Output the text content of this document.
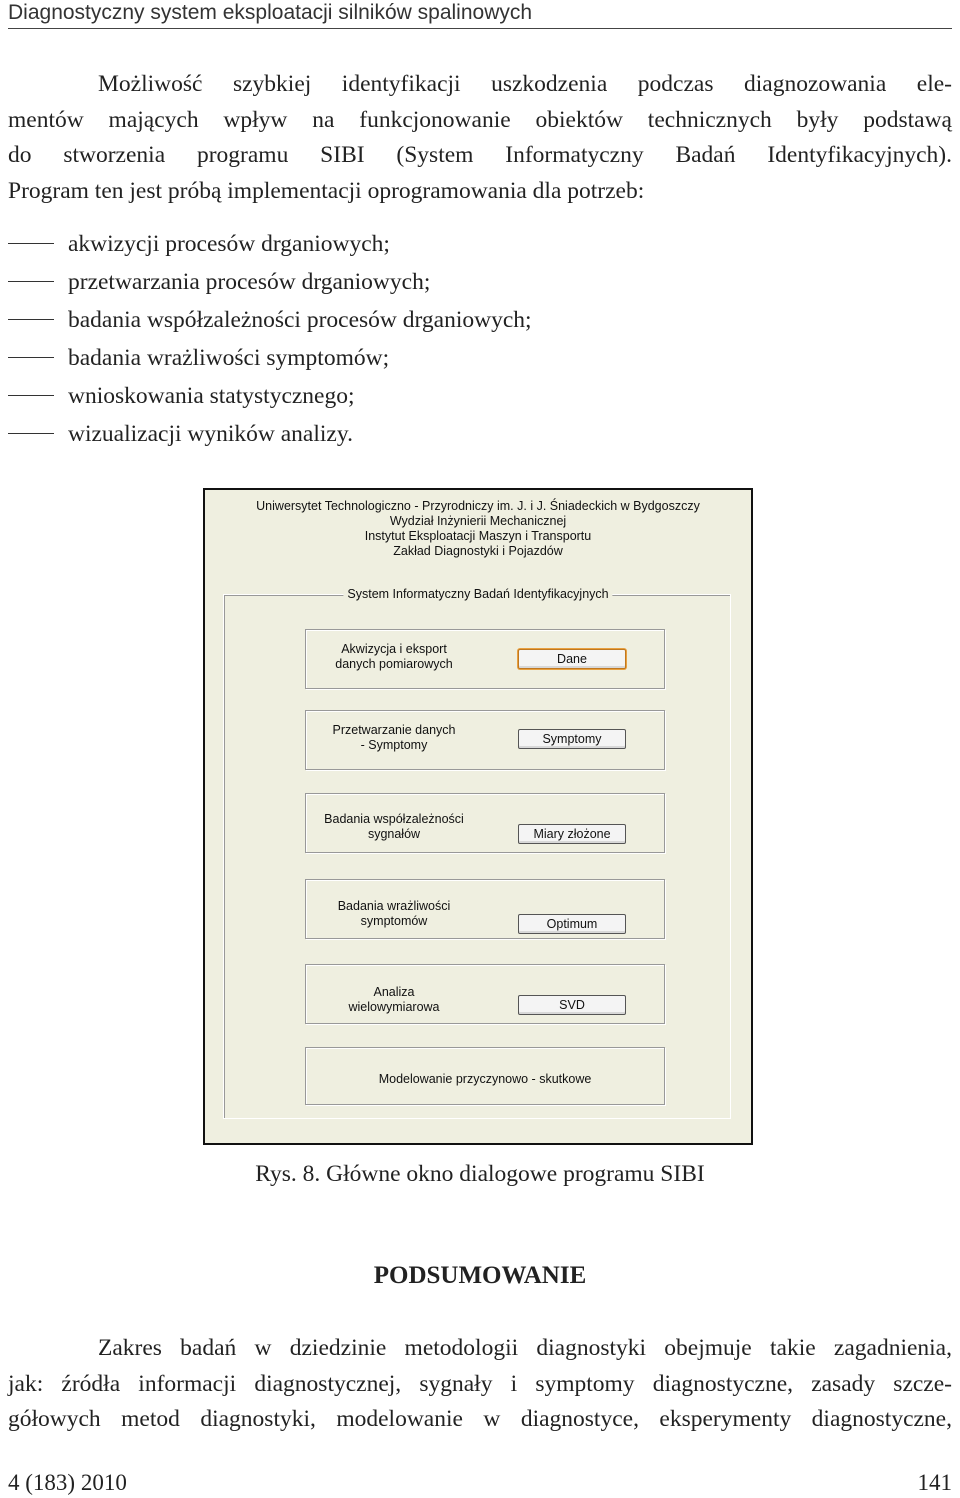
Diagnostyczny system eksploatacji silników spalinowych
Możliwość szybkiej identyfikacji uszkodzenia podczas diagnozowania ele-
mentów mających wpływ na funkcjonowanie obiektów technicznych były podstawą
do stworzenia programu SIBI (System Informatyczny Badań Identyfikacyjnych).
Program ten jest próbą implementacji oprogramowania dla potrzeb:
akwizycji procesów drganiowych;
przetwarzania procesów drganiowych;
badania współzależności procesów drganiowych;
badania wrażliwości symptomów;
wnioskowania statystycznego;
wizualizacji wyników analizy.
Uniwersytet Technologiczno - Przyrodniczy im. J. i J. Śniadeckich w Bydgoszczy
Wydział Inżynierii Mechanicznej
Instytut Eksploatacji Maszyn i Transportu
Zakład Diagnostyki i Pojazdów
System Informatyczny Badań Identyfikacyjnych
Akwizycja i eksport
danych pomiarowych	Dane
Przetwarzanie danych
- Symptomy	Symptomy
Badania współzależności
sygnałów	Miary złożone
Badania wrażliwości
symptomów	Optimum
Analiza
wielowymiarowa	SVD
Modelowanie przyczynowo - skutkowe
Rys. 8. Główne okno dialogowe programu SIBI
PODSUMOWANIE
Zakres badań w dziedzinie metodologii diagnostyki obejmuje takie zagadnienia,
jak: źródła informacji diagnostycznej, sygnały i symptomy diagnostyczne, zasady szcze-
gółowych metod diagnostyki, modelowanie w diagnostyce, eksperymenty diagnostyczne,
4 (183) 2010	141
